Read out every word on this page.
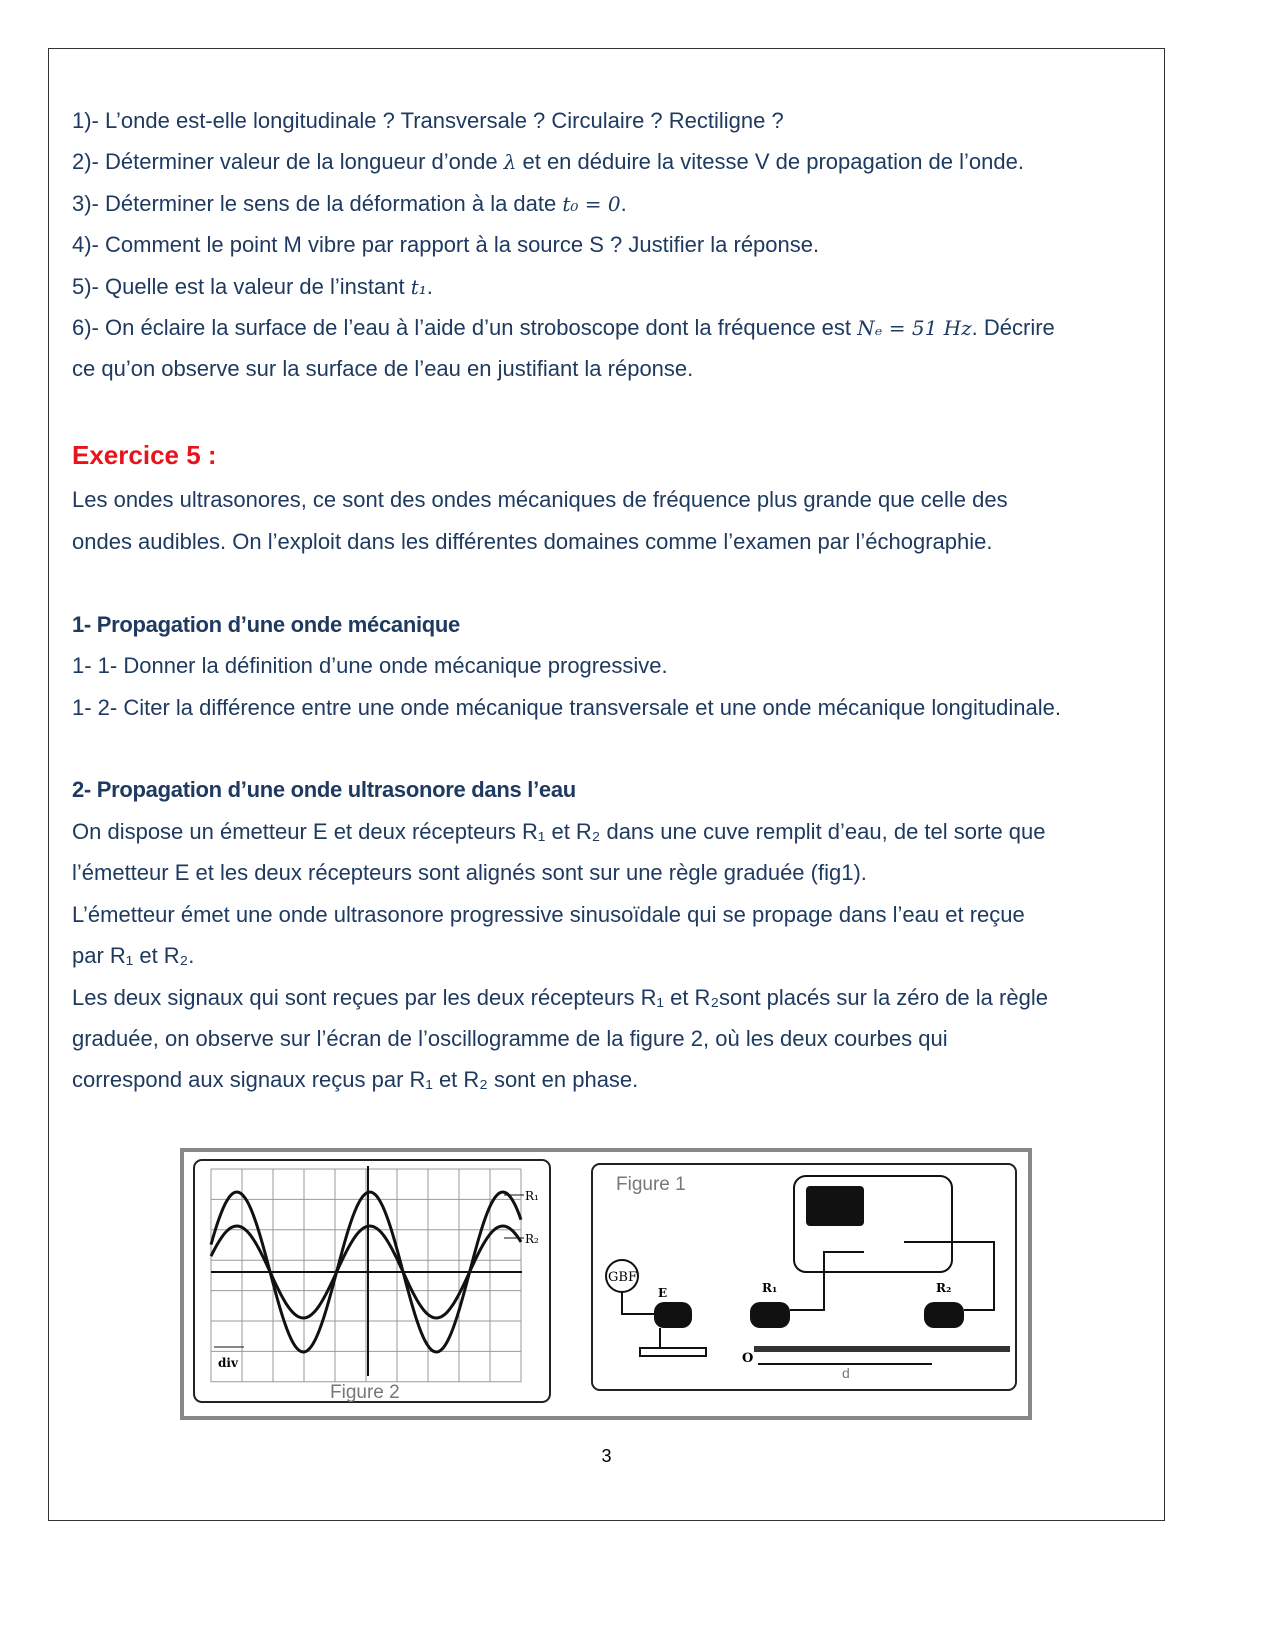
1)- L’onde est-elle longitudinale ? Transversale ? Circulaire ? Rectiligne ?
2)- Déterminer valeur de la longueur d’onde λ et en déduire la vitesse V de propagation de l’onde.
3)- Déterminer le sens de la déformation à la date t₀ = 0.
4)- Comment le point M vibre par rapport à la source S ? Justifier la réponse.
5)- Quelle est la valeur de l’instant t₁.
6)- On éclaire la surface de l’eau à l’aide d’un stroboscope dont la fréquence est Nₑ = 51 Hz. Décrire
ce qu’on observe sur la surface de l’eau en justifiant la réponse.
Exercice 5 :
Les ondes ultrasonores, ce sont des ondes mécaniques de fréquence plus grande que celle des
ondes audibles. On l’exploit dans les différentes domaines comme l’examen par l’échographie.
1- Propagation d’une onde mécanique
1- 1- Donner la définition d’une onde mécanique progressive.
1- 2- Citer la différence entre une onde mécanique transversale et une onde mécanique longitudinale.
2- Propagation d’une onde ultrasonore dans l’eau
On dispose un émetteur E et deux récepteurs R₁ et R₂ dans une cuve remplit d’eau, de tel sorte que
l’émetteur E et les deux récepteurs sont alignés sont sur une règle graduée (fig1).
L’émetteur émet une onde ultrasonore progressive sinusoïdale qui se propage dans l’eau et reçue
par R₁ et R₂.
Les deux signaux qui sont reçues par les deux récepteurs R₁ et R₂sont placés sur la zéro de la règle
graduée, on observe sur l’écran de l’oscillogramme de la figure 2, où les deux courbes qui
correspond aux signaux reçus par R₁ et R₂ sont en phase.
R₁
R₂
div
Figure 2
Figure 1
GBF
E	R₁	R₂
O
d
3
